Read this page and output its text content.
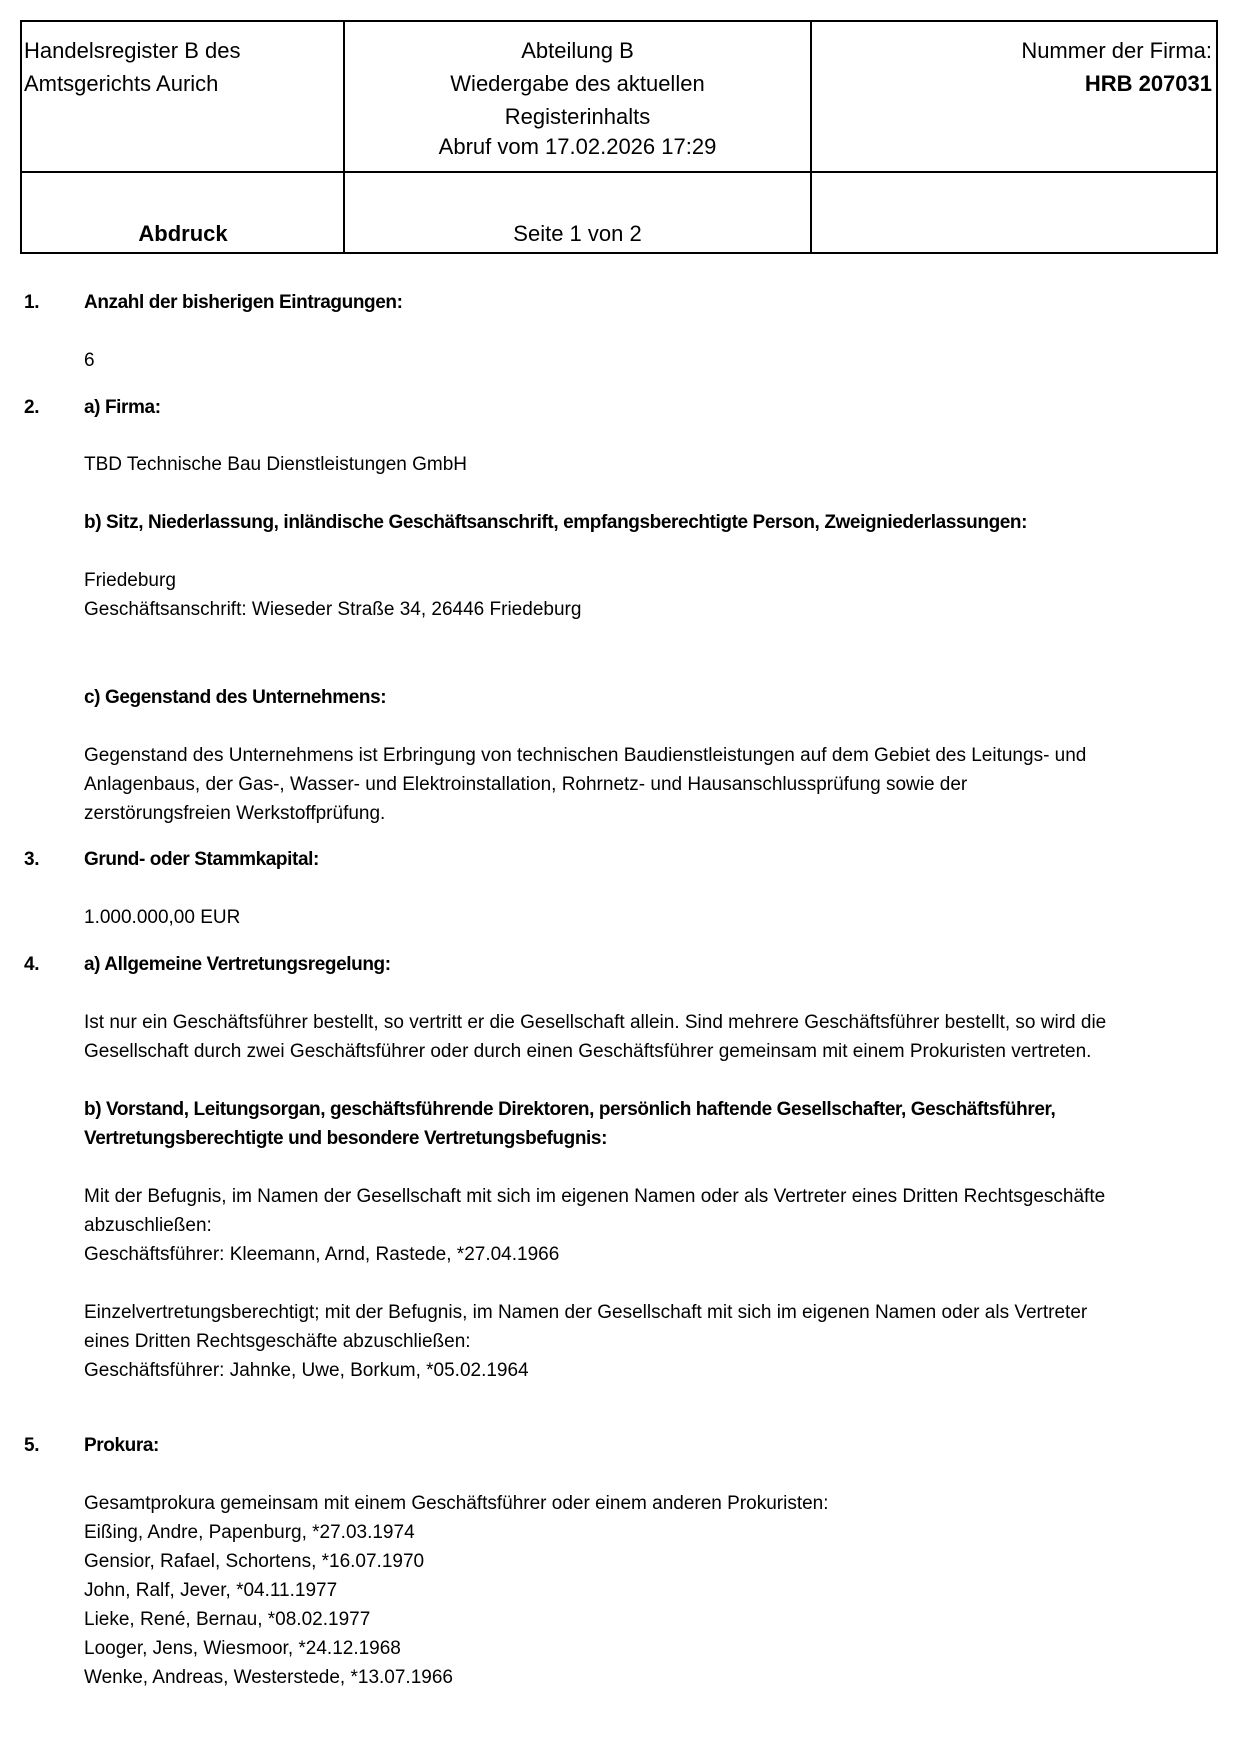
Handelsregister B des
Amtsgerichts Aurich
Abteilung B
Wiedergabe des aktuellen
Registerinhalts
Abruf vom 17.02.2026 17:29
Nummer der Firma:
HRB 207031
Abdruck	Seite 1 von 2
1. Anzahl der bisherigen Eintragungen:
6
2. a) Firma:
TBD Technische Bau Dienstleistungen GmbH
b) Sitz, Niederlassung, inländische Geschäftsanschrift, empfangsberechtigte Person, Zweigniederlassungen:
Friedeburg
Geschäftsanschrift: Wieseder Straße 34, 26446 Friedeburg
c) Gegenstand des Unternehmens:
Gegenstand des Unternehmens ist Erbringung von technischen Baudienstleistungen auf dem Gebiet des Leitungs- und
Anlagenbaus, der Gas-, Wasser- und Elektroinstallation, Rohrnetz- und Hausanschlussprüfung sowie der
zerstörungsfreien Werkstoffprüfung.
3. Grund- oder Stammkapital:
1.000.000,00 EUR
4. a) Allgemeine Vertretungsregelung:
Ist nur ein Geschäftsführer bestellt, so vertritt er die Gesellschaft allein. Sind mehrere Geschäftsführer bestellt, so wird die
Gesellschaft durch zwei Geschäftsführer oder durch einen Geschäftsführer gemeinsam mit einem Prokuristen vertreten.
b) Vorstand, Leitungsorgan, geschäftsführende Direktoren, persönlich haftende Gesellschafter, Geschäftsführer,
Vertretungsberechtigte und besondere Vertretungsbefugnis:
Mit der Befugnis, im Namen der Gesellschaft mit sich im eigenen Namen oder als Vertreter eines Dritten Rechtsgeschäfte
abzuschließen:
Geschäftsführer: Kleemann, Arnd, Rastede, *27.04.1966
Einzelvertretungsberechtigt; mit der Befugnis, im Namen der Gesellschaft mit sich im eigenen Namen oder als Vertreter
eines Dritten Rechtsgeschäfte abzuschließen:
Geschäftsführer: Jahnke, Uwe, Borkum, *05.02.1964
5. Prokura:
Gesamtprokura gemeinsam mit einem Geschäftsführer oder einem anderen Prokuristen:
Eißing, Andre, Papenburg, *27.03.1974
Gensior, Rafael, Schortens, *16.07.1970
John, Ralf, Jever, *04.11.1977
Lieke, René, Bernau, *08.02.1977
Looger, Jens, Wiesmoor, *24.12.1968
Wenke, Andreas, Westerstede, *13.07.1966
